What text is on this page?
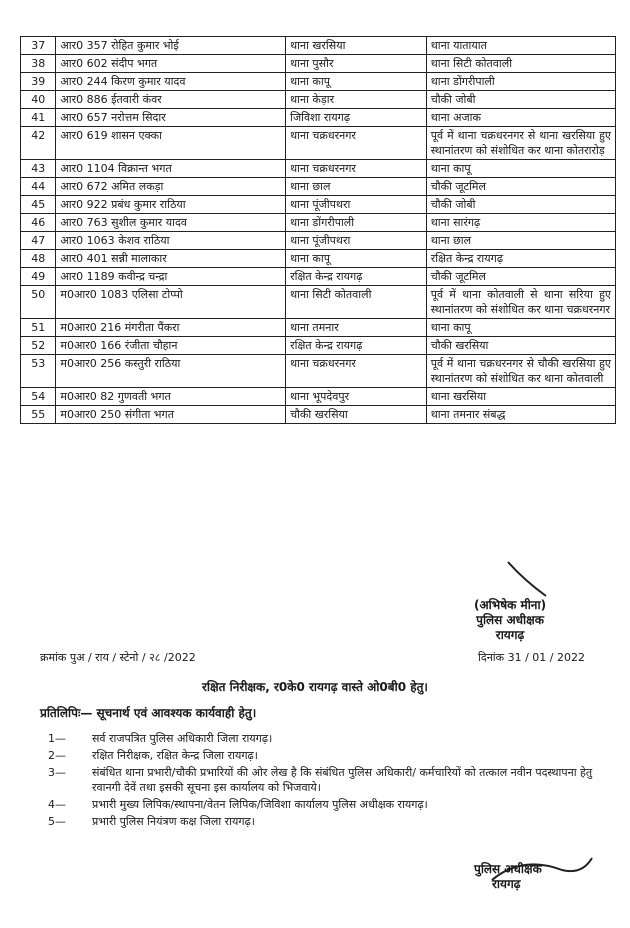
37	आर0 357 रोहित कुमार भोई	थाना खरसिया	थाना यातायात
38	आर0 602 संदीप भगत	थाना पुसौर	थाना सिटी कोतवाली
39	आर0 244 किरण कुमार यादव	थाना कापू	थाना डोंगरीपाली
40	आर0 886 ईतवारी कंवर	थाना केड़ार	चौकी जोबी
41	आर0 657 नरोत्तम सिदार	जिविशा रायगढ़	थाना अजाक
42	आर0 619 शासन एक्का	थाना चक्रधरनगर	पूर्व में थाना चक्रधरनगर से थाना खरसिया हुए स्थानांतरण को संशोधित कर थाना कोतरारोड़
43	आर0 1104 विक्रान्त भगत	थाना चक्रधरनगर	थाना कापू
44	आर0 672 अमित लकड़ा	थाना छाल	चौकी जूटमिल
45	आर0 922 प्रबंध कुमार राठिया	थाना पूंजीपथरा	चौकी जोबी
46	आर0 763 सुशील कुमार यादव	थाना डोंगरीपाली	थाना सारंगढ़
47	आर0 1063 केशव राठिया	थाना पूंजीपथरा	थाना छाल
48	आर0 401 सन्नी मालाकार	थाना कापू	रक्षित केन्द्र रायगढ़
49	आर0 1189 कवीन्द्र चन्द्रा	रक्षित केन्द्र रायगढ़	चौकी जूटमिल
50	म0आर0 1083 एलिसा टोप्पो	थाना सिटी कोतवाली	पूर्व में थाना कोतवाली से थाना सरिया हुए स्थानांतरण को संशोधित कर थाना चक्रधरनगर
51	म0आर0 216 मंगरीता पैंकरा	थाना तमनार	थाना कापू
52	म0आर0 166 रंजीता चौहान	रक्षित केन्द्र रायगढ़	चौकी खरसिया
53	म0आर0 256 कस्तुरी राठिया	थाना चक्रधरनगर	पूर्व में थाना चक्रधरनगर से चौकी खरसिया हुए स्थानांतरण को संशोधित कर थाना कोतवाली
54	म0आर0 82 गुणवती भगत	थाना भूपदेवपुर	थाना खरसिया
55	म0आर0 250 संगीता भगत	चौकी खरसिया	थाना तमनार संबद्ध
(अभिषेक मीना)
पुलिस अधीक्षक
रायगढ़
क्रमांक पुअ / राय / स्टेनो / २८ /2022	दिनांक 31 / 01 / 2022
रक्षित निरीक्षक, र0के0 रायगढ़ वास्ते ओ0बी0 हेतु।
प्रतिलिपिः— सूचनार्थ एवं आवश्यक कार्यवाही हेतु।
1— सर्व राजपत्रित पुलिस अधिकारी जिला रायगढ़।
2— रक्षित निरीक्षक, रक्षित केन्द्र जिला रायगढ़।
3— संबंधित थाना प्रभारी/चौकी प्रभारियों की ओर लेख है कि संबंधित पुलिस अधिकारी/ कर्मचारियों को तत्काल नवीन पदस्थापना हेतु रवानगी देवें तथा इसकी सूचना इस कार्यालय को भिजवाये।
4— प्रभारी मुख्य लिपिक/स्थापना/वेतन लिपिक/जिविशा कार्यालय पुलिस अधीक्षक रायगढ़।
5— प्रभारी पुलिस नियंत्रण कक्ष जिला रायगढ़।
पुलिस अधीक्षक
रायगढ़
